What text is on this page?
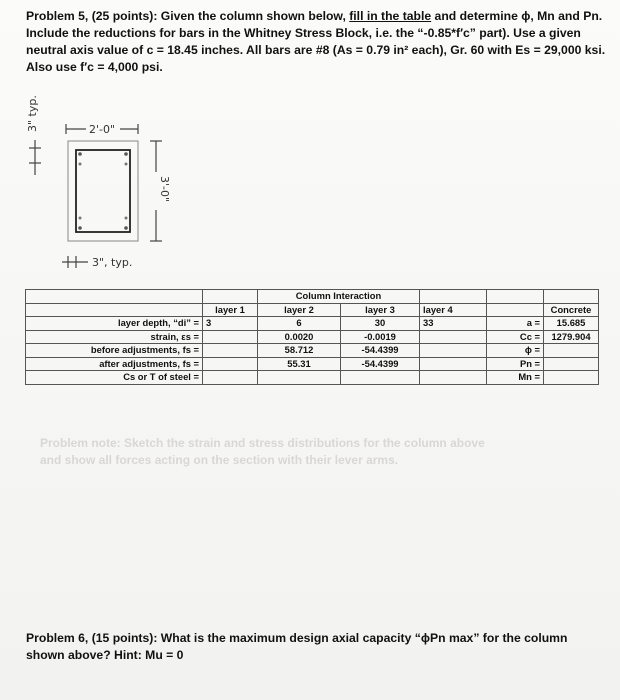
Problem 5, (25 points): Given the column shown below, fill in the table and determine ϕ, Mn and Pn. Include the reductions for bars in the Whitney Stress Block, i.e. the “-0.85*f′c” part). Use a given neutral axis value of c = 18.45 inches. All bars are #8 (As = 0.79 in² each), Gr. 60 with Es = 29,000 ksi.
Also use f′c = 4,000 psi.
3" typ.	2'-0"
3'-0"
3", typ.
		Column Interaction				
	layer 1	layer 2	layer 3	layer 4		Concrete
layer depth, “di” =	3	6	30	33	a =	15.685
strain, εs =		0.0020	-0.0019		Cc =	1279.904
before adjustments, fs =		58.712	-54.4399		ϕ =	
after adjustments, fs =		55.31	-54.4399		Pn =	
Cs or T of steel =					Mn =	
Problem note: Sketch the strain and stress distributions for the column above
and show all forces acting on the section with their lever arms.
Problem 6, (15 points): What is the maximum design axial capacity “ϕPn max” for the column shown above? Hint: Mu = 0
